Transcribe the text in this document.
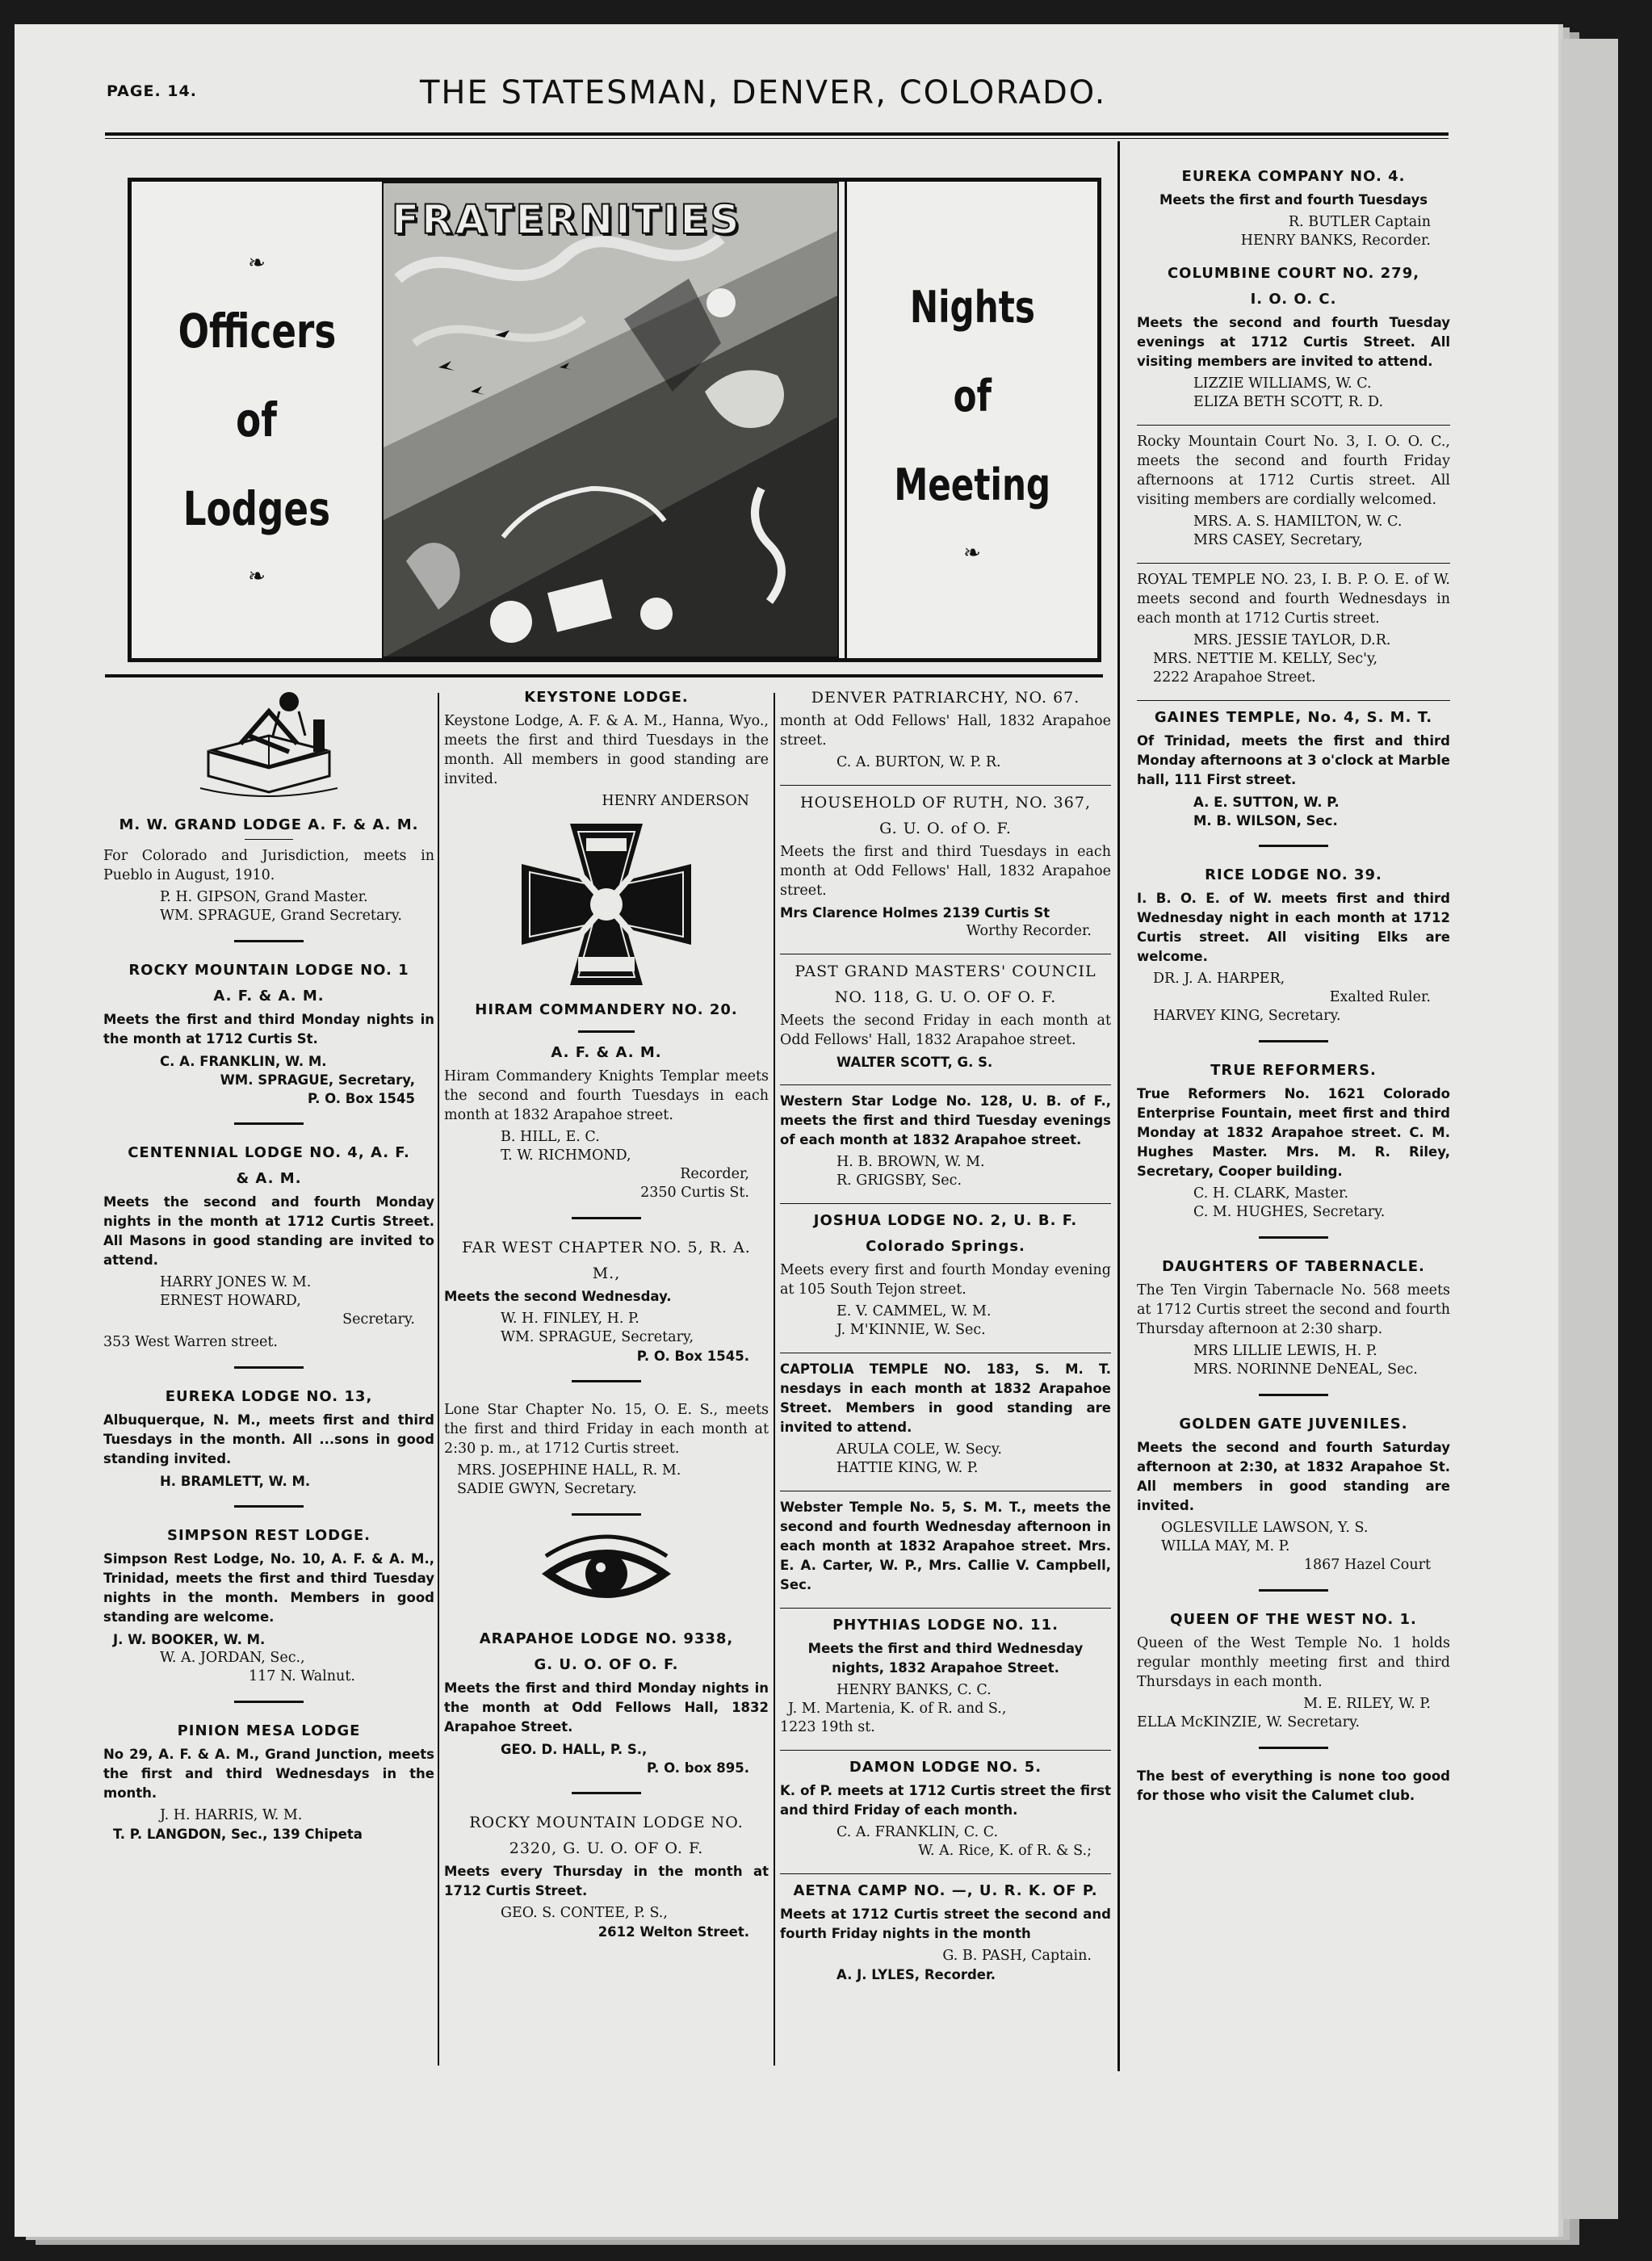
PAGE. 14.	THE STATESMAN, DENVER, COLORADO.
❧
Officers
of
Lodges
❧
FRATERNITIES
Nights
of
Meeting
❧
M. W. GRAND LODGE A. F. & A. M.
For Colorado and Jurisdiction, meets in Pueblo in August, 1910.
P. H. GIPSON, Grand Master.
WM. SPRAGUE, Grand Secretary.
ROCKY MOUNTAIN LODGE NO. 1
A. F. & A. M.
Meets the first and third Monday nights in the month at 1712 Curtis St.
C. A. FRANKLIN, W. M.
WM. SPRAGUE, Secretary,
P. O. Box 1545
CENTENNIAL LODGE NO. 4, A. F.
& A. M.
Meets the second and fourth Monday nights in the month at 1712 Curtis Street. All Masons in good standing are invited to attend.
HARRY JONES W. M.
ERNEST HOWARD,
Secretary.
353 West Warren street.
EUREKA LODGE NO. 13,
Albuquerque, N. M., meets first and third Tuesdays in the month. All ...sons in good standing invited.
H. BRAMLETT, W. M.
SIMPSON REST LODGE.
Simpson Rest Lodge, No. 10, A. F. & A. M., Trinidad, meets the first and third Tuesday nights in the month. Members in good standing are welcome.
J. W. BOOKER, W. M.
W. A. JORDAN, Sec.,
117 N. Walnut.
PINION MESA LODGE
No 29, A. F. & A. M., Grand Junction, meets the first and third Wednesdays in the month.
J. H. HARRIS, W. M.
T. P. LANGDON, Sec., 139 Chipeta
KEYSTONE LODGE.
Keystone Lodge, A. F. & A. M., Hanna, Wyo., meets the first and third Tuesdays in the month. All members in good standing are invited.
HENRY ANDERSON
HIRAM COMMANDERY NO. 20.
A. F. & A. M.
Hiram Commandery Knights Templar meets the second and fourth Tuesdays in each month at 1832 Arapahoe street.
B. HILL, E. C.
T. W. RICHMOND,
Recorder,
2350 Curtis St.
FAR WEST CHAPTER NO. 5, R. A.
M.,
Meets the second Wednesday.
W. H. FINLEY, H. P.
WM. SPRAGUE, Secretary,
P. O. Box 1545.
Lone Star Chapter No. 15, O. E. S., meets the first and third Friday in each month at 2:30 p. m., at 1712 Curtis street.
MRS. JOSEPHINE HALL, R. M.
SADIE GWYN, Secretary.
ARAPAHOE LODGE NO. 9338,
G. U. O. OF O. F.
Meets the first and third Monday nights in the month at Odd Fellows Hall, 1832 Arapahoe Street.
GEO. D. HALL, P. S.,
P. O. box 895.
ROCKY MOUNTAIN LODGE NO.
2320, G. U. O. OF O. F.
Meets every Thursday in the month at 1712 Curtis Street.
GEO. S. CONTEE, P. S.,
2612 Welton Street.
DENVER PATRIARCHY, NO. 67.
month at Odd Fellows' Hall, 1832 Arapahoe street.
C. A. BURTON, W. P. R.
HOUSEHOLD OF RUTH, NO. 367,
G. U. O. of O. F.
Meets the first and third Tuesdays in each month at Odd Fellows' Hall, 1832 Arapahoe street.
Mrs Clarence Holmes 2139 Curtis St
Worthy Recorder.
PAST GRAND MASTERS' COUNCIL
NO. 118, G. U. O. OF O. F.
Meets the second Friday in each month at Odd Fellows' Hall, 1832 Arapahoe street.
WALTER SCOTT, G. S.
Western Star Lodge No. 128, U. B. of F., meets the first and third Tuesday evenings of each month at 1832 Arapahoe street.
H. B. BROWN, W. M.
R. GRIGSBY, Sec.
JOSHUA LODGE NO. 2, U. B. F.
Colorado Springs.
Meets every first and fourth Monday evening at 105 South Tejon street.
E. V. CAMMEL, W. M.
J. M'KINNIE, W. Sec.
CAPTOLIA TEMPLE NO. 183, S. M. T. nesdays in each month at 1832 Arapahoe Street. Members in good standing are invited to attend.
ARULA COLE, W. Secy.
HATTIE KING, W. P.
Webster Temple No. 5, S. M. T., meets the second and fourth Wednesday afternoon in each month at 1832 Arapahoe street. Mrs. E. A. Carter, W. P., Mrs. Callie V. Campbell, Sec.
PHYTHIAS LODGE NO. 11.
Meets the first and third Wednesday nights, 1832 Arapahoe Street.
HENRY BANKS, C. C.
J. M. Martenia, K. of R. and S.,
1223 19th st.
DAMON LODGE NO. 5.
K. of P. meets at 1712 Curtis street the first and third Friday of each month.
C. A. FRANKLIN, C. C.
W. A. Rice, K. of R. & S.;
AETNA CAMP NO. —, U. R. K. OF P.
Meets at 1712 Curtis street the second and fourth Friday nights in the month
G. B. PASH, Captain.
A. J. LYLES, Recorder.
EUREKA COMPANY NO. 4.
Meets the first and fourth Tuesdays
R. BUTLER Captain
HENRY BANKS, Recorder.
COLUMBINE COURT NO. 279,
I. O. O. C.
Meets the second and fourth Tuesday evenings at 1712 Curtis Street. All visiting members are invited to attend.
LIZZIE WILLIAMS, W. C.
ELIZA BETH SCOTT, R. D.
Rocky Mountain Court No. 3, I. O. O. C., meets the second and fourth Friday afternoons at 1712 Curtis street. All visiting members are cordially welcomed.
MRS. A. S. HAMILTON, W. C.
MRS CASEY, Secretary,
ROYAL TEMPLE NO. 23, I. B. P. O. E. of W. meets second and fourth Wednesdays in each month at 1712 Curtis street.
MRS. JESSIE TAYLOR, D.R.
MRS. NETTIE M. KELLY, Sec'y,
2222 Arapahoe Street.
GAINES TEMPLE, No. 4, S. M. T.
Of Trinidad, meets the first and third Monday afternoons at 3 o'clock at Marble hall, 111 First street.
A. E. SUTTON, W. P.
M. B. WILSON, Sec.
RICE LODGE NO. 39.
I. B. O. E. of W. meets first and third Wednesday night in each month at 1712 Curtis street. All visiting Elks are welcome.
DR. J. A. HARPER,
Exalted Ruler.
HARVEY KING, Secretary.
TRUE REFORMERS.
True Reformers No. 1621 Colorado Enterprise Fountain, meet first and third Monday at 1832 Arapahoe street. C. M. Hughes Master. Mrs. M. R. Riley, Secretary, Cooper building.
C. H. CLARK, Master.
C. M. HUGHES, Secretary.
DAUGHTERS OF TABERNACLE.
The Ten Virgin Tabernacle No. 568 meets at 1712 Curtis street the second and fourth Thursday afternoon at 2:30 sharp.
MRS LILLIE LEWIS, H. P.
MRS. NORINNE DeNEAL, Sec.
GOLDEN GATE JUVENILES.
Meets the second and fourth Saturday afternoon at 2:30, at 1832 Arapahoe St. All members in good standing are invited.
OGLESVILLE LAWSON, Y. S.
WILLA MAY, M. P.
1867 Hazel Court
QUEEN OF THE WEST NO. 1.
Queen of the West Temple No. 1 holds regular monthly meeting first and third Thursdays in each month.
M. E. RILEY, W. P.
ELLA McKINZIE, W. Secretary.
The best of everything is none too good for those who visit the Calumet club.
